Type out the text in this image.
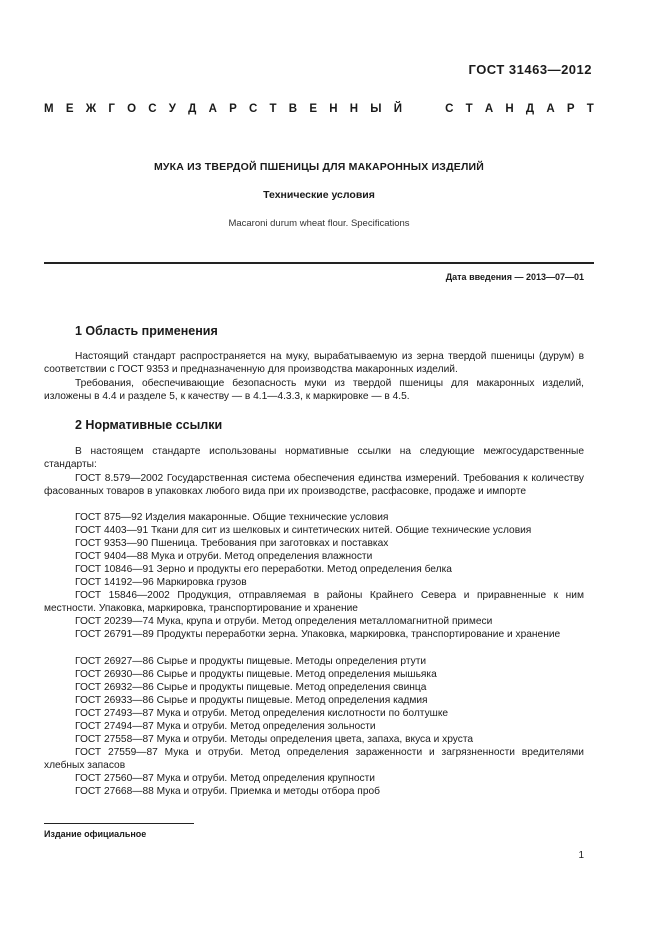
ГОСТ 31463—2012
М Е Ж Г О С У Д А Р С Т В Е Н Н Ы Й

	С Т А Н Д А Р Т
МУКА ИЗ ТВЕРДОЙ ПШЕНИЦЫ ДЛЯ МАКАРОННЫХ ИЗДЕЛИЙ
Технические условия
Macaroni durum wheat flour. Specifications
Дата введения — 2013—07—01
1 Область применения
Настоящий стандарт распространяется на муку, вырабатываемую из зерна твердой пшеницы (дурум) в соответствии с ГОСТ 9353 и предназначенную для производства макаронных изделий.
Требования, обеспечивающие безопасность муки из твердой пшеницы для макаронных изделий, изложены в 4.4 и разделе 5, к качеству — в 4.1—4.3.3, к маркировке — в 4.5.
2 Нормативные ссылки
В настоящем стандарте использованы нормативные ссылки на следующие межгосударственные стандарты:
ГОСТ 8.579—2002 Государственная система обеспечения единства измерений. Требования к количеству фасованных товаров в упаковках любого вида при их производстве, расфасовке, продаже и импорте
ГОСТ 875—92 Изделия макаронные. Общие технические условия
ГОСТ 4403—91 Ткани для сит из шелковых и синтетических нитей. Общие технические условия
ГОСТ 9353—90 Пшеница. Требования при заготовках и поставках
ГОСТ 9404—88 Мука и отруби. Метод определения влажности
ГОСТ 10846—91 Зерно и продукты его переработки. Метод определения белка
ГОСТ 14192—96 Маркировка грузов
ГОСТ 15846—2002 Продукция, отправляемая в районы Крайнего Севера и приравненные к ним местности. Упаковка, маркировка, транспортирование и хранение
ГОСТ 20239—74 Мука, крупа и отруби. Метод определения металломагнитной примеси
ГОСТ 26791—89 Продукты переработки зерна. Упаковка, маркировка, транспортирование и хранение
ГОСТ 26927—86 Сырье и продукты пищевые. Методы определения ртути
ГОСТ 26930—86 Сырье и продукты пищевые. Метод определения мышьяка
ГОСТ 26932—86 Сырье и продукты пищевые. Метод определения свинца
ГОСТ 26933—86 Сырье и продукты пищевые. Метод определения кадмия
ГОСТ 27493—87 Мука и отруби. Метод определения кислотности по болтушке
ГОСТ 27494—87 Мука и отруби. Метод определения зольности
ГОСТ 27558—87 Мука и отруби. Методы определения цвета, запаха, вкуса и хруста
ГОСТ 27559—87 Мука и отруби. Метод определения зараженности и загрязненности вредителями хлебных запасов
ГОСТ 27560—87 Мука и отруби. Метод определения крупности
ГОСТ 27668—88 Мука и отруби. Приемка и методы отбора проб
Издание официальное
1
